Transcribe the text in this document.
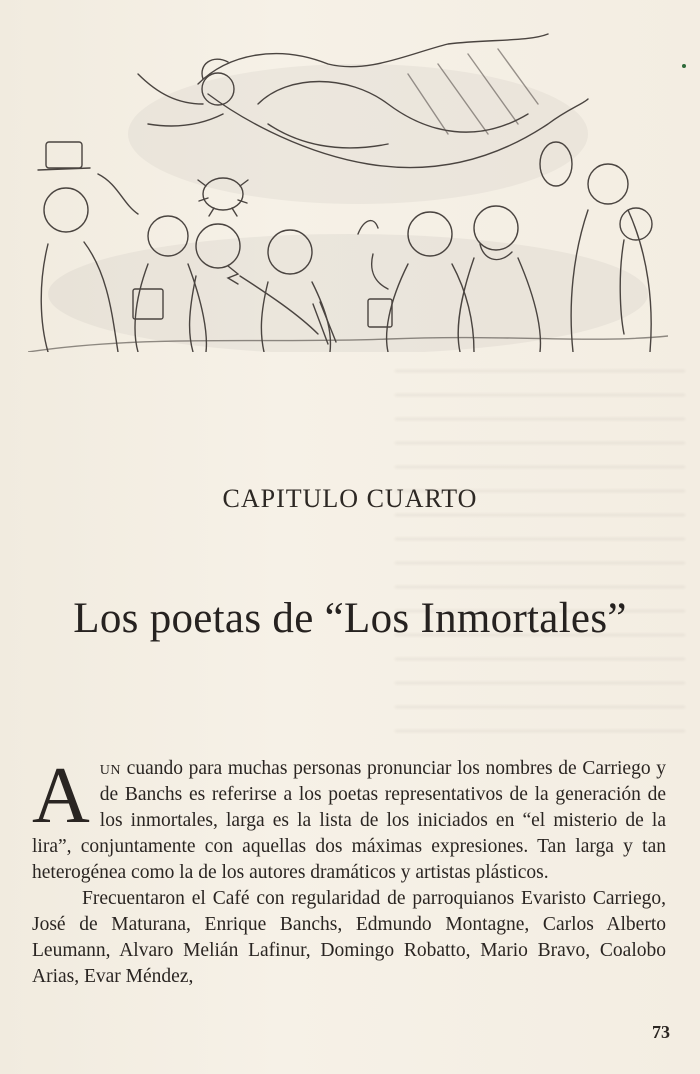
CAPITULO CUARTO
Los poetas de “Los Inmortales”

Aun cuando para muchas personas pronunciar los nombres de Carriego y de Banchs es referirse a los poetas representativos de la generación de los inmortales, larga es la lista de los iniciados en “el misterio de la lira”, conjuntamente con aquellas dos máximas expresiones. Tan larga y tan heterogénea como la de los autores dramáticos y artistas plásticos.

Frecuentaron el Café con regularidad de parroquianos Evaristo Carriego, José de Maturana, Enrique Banchs, Edmundo Montagne, Carlos Alberto Leumann, Alvaro Melián Lafinur, Domingo Robatto, Mario Bravo, Coalobo Arias, Evar Méndez,

73
